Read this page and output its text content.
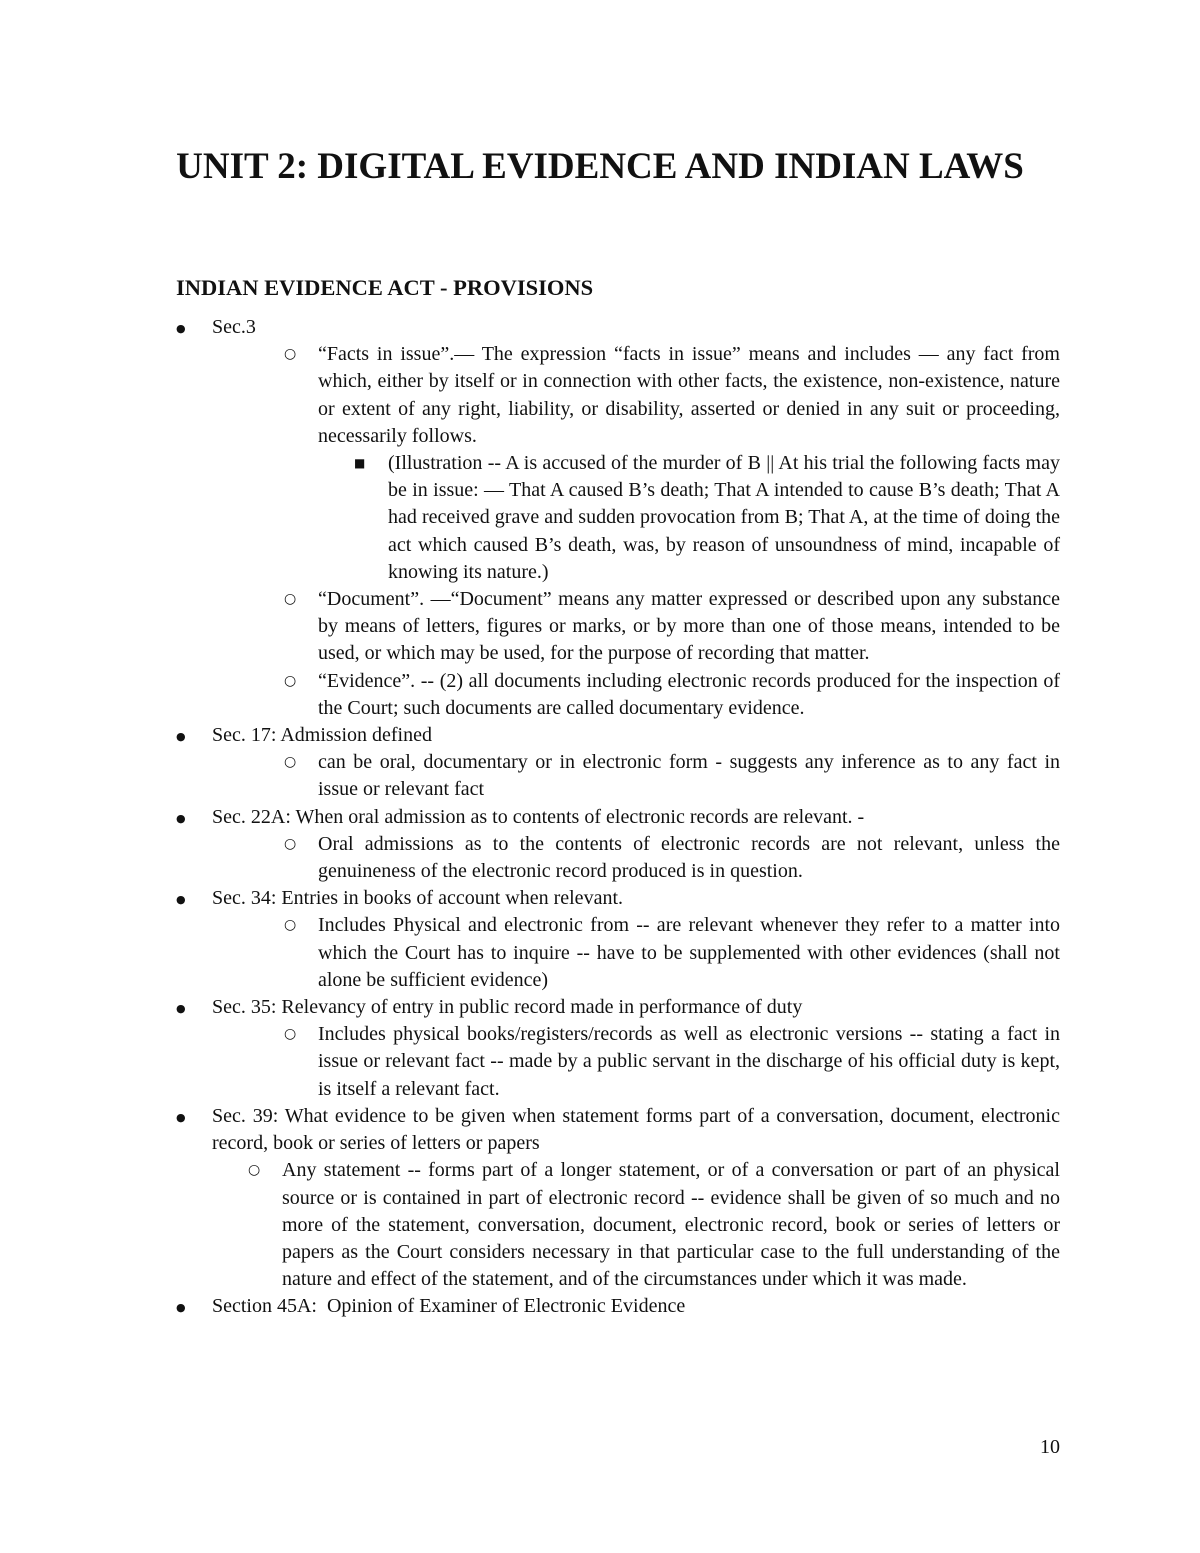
UNIT 2: DIGITAL EVIDENCE AND INDIAN LAWS
INDIAN EVIDENCE ACT - PROVISIONS
● Sec.3
○ “Facts in issue”.— The expression “facts in issue” means and includes — any fact from which, either by itself or in connection with other facts, the existence, non-existence, nature or extent of any right, liability, or disability, asserted or denied in any suit or proceeding, necessarily follows.
■ (Illustration -- A is accused of the murder of B || At his trial the following facts may be in issue: — That A caused B’s death; That A intended to cause B’s death; That A had received grave and sudden provocation from B; That A, at the time of doing the act which caused B’s death, was, by reason of unsoundness of mind, incapable of knowing its nature.)
○ “Document”. —“Document” means any matter expressed or described upon any substance by means of letters, figures or marks, or by more than one of those means, intended to be used, or which may be used, for the purpose of recording that matter.
○ “Evidence”. -- (2) all documents including electronic records produced for the inspection of the Court; such documents are called documentary evidence.
● Sec. 17: Admission defined
○ can be oral, documentary or in electronic form - suggests any inference as to any fact in issue or relevant fact
● Sec. 22A: When oral admission as to contents of electronic records are relevant. -
○ Oral admissions as to the contents of electronic records are not relevant, unless the genuineness of the electronic record produced is in question.
● Sec. 34: Entries in books of account when relevant.
○ Includes Physical and electronic from -- are relevant whenever they refer to a matter into which the Court has to inquire -- have to be supplemented with other evidences (shall not alone be sufficient evidence)
● Sec. 35: Relevancy of entry in public record made in performance of duty
○ Includes physical books/registers/records as well as electronic versions -- stating a fact in issue or relevant fact -- made by a public servant in the discharge of his official duty is kept, is itself a relevant fact.
● Sec. 39: What evidence to be given when statement forms part of a conversation, document, electronic record, book or series of letters or papers
○ Any statement -- forms part of a longer statement, or of a conversation or part of an physical source or is contained in part of electronic record -- evidence shall be given of so much and no more of the statement, conversation, document, electronic record, book or series of letters or papers as the Court considers necessary in that particular case to the full understanding of the nature and effect of the statement, and of the circumstances under which it was made.
● Section 45A:  Opinion of Examiner of Electronic Evidence

10
